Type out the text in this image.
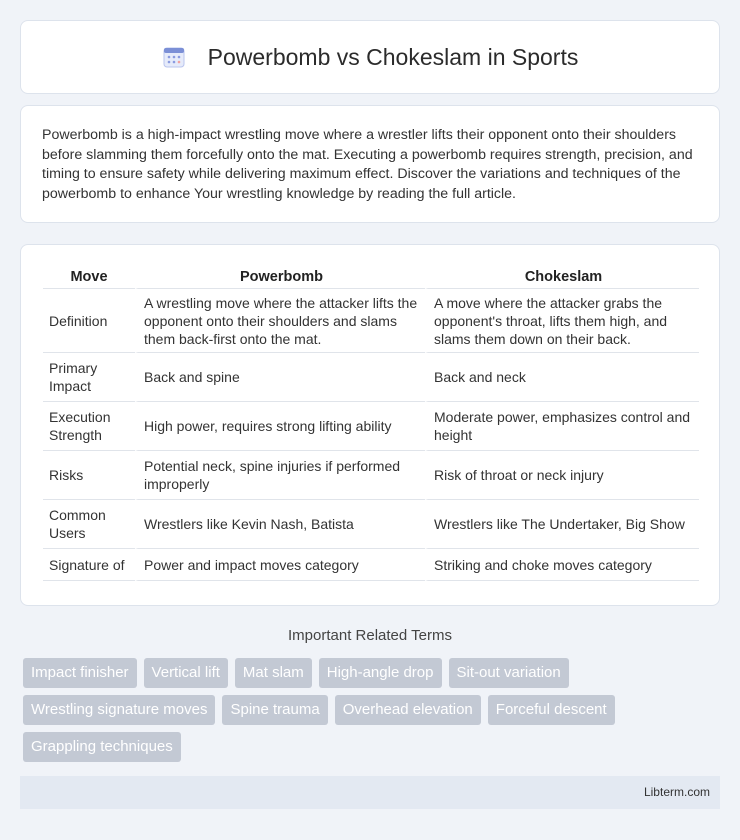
Powerbomb vs Chokeslam in Sports

Powerbomb is a high-impact wrestling move where a wrestler lifts their opponent onto their shoulders before slamming them forcefully onto the mat. Executing a powerbomb requires strength, precision, and timing to ensure safety while delivering maximum effect. Discover the variations and techniques of the powerbomb to enhance Your wrestling knowledge by reading the full article.

Move	Powerbomb	Chokeslam
Definition	A wrestling move where the attacker lifts the opponent onto their shoulders and slams them back-first onto the mat.	A move where the attacker grabs the opponent's throat, lifts them high, and slams them down on their back.
Primary Impact	Back and spine	Back and neck
Execution Strength	High power, requires strong lifting ability	Moderate power, emphasizes control and height
Risks	Potential neck, spine injuries if performed improperly	Risk of throat or neck injury
Common Users	Wrestlers like Kevin Nash, Batista	Wrestlers like The Undertaker, Big Show
Signature of	Power and impact moves category	Striking and choke moves category
Important Related Terms
Impact finisher	Vertical lift	Mat slam	High-angle drop	Sit-out variation
Wrestling signature moves	Spine trauma	Overhead elevation	Forceful descent
Grappling techniques
Libterm.com
